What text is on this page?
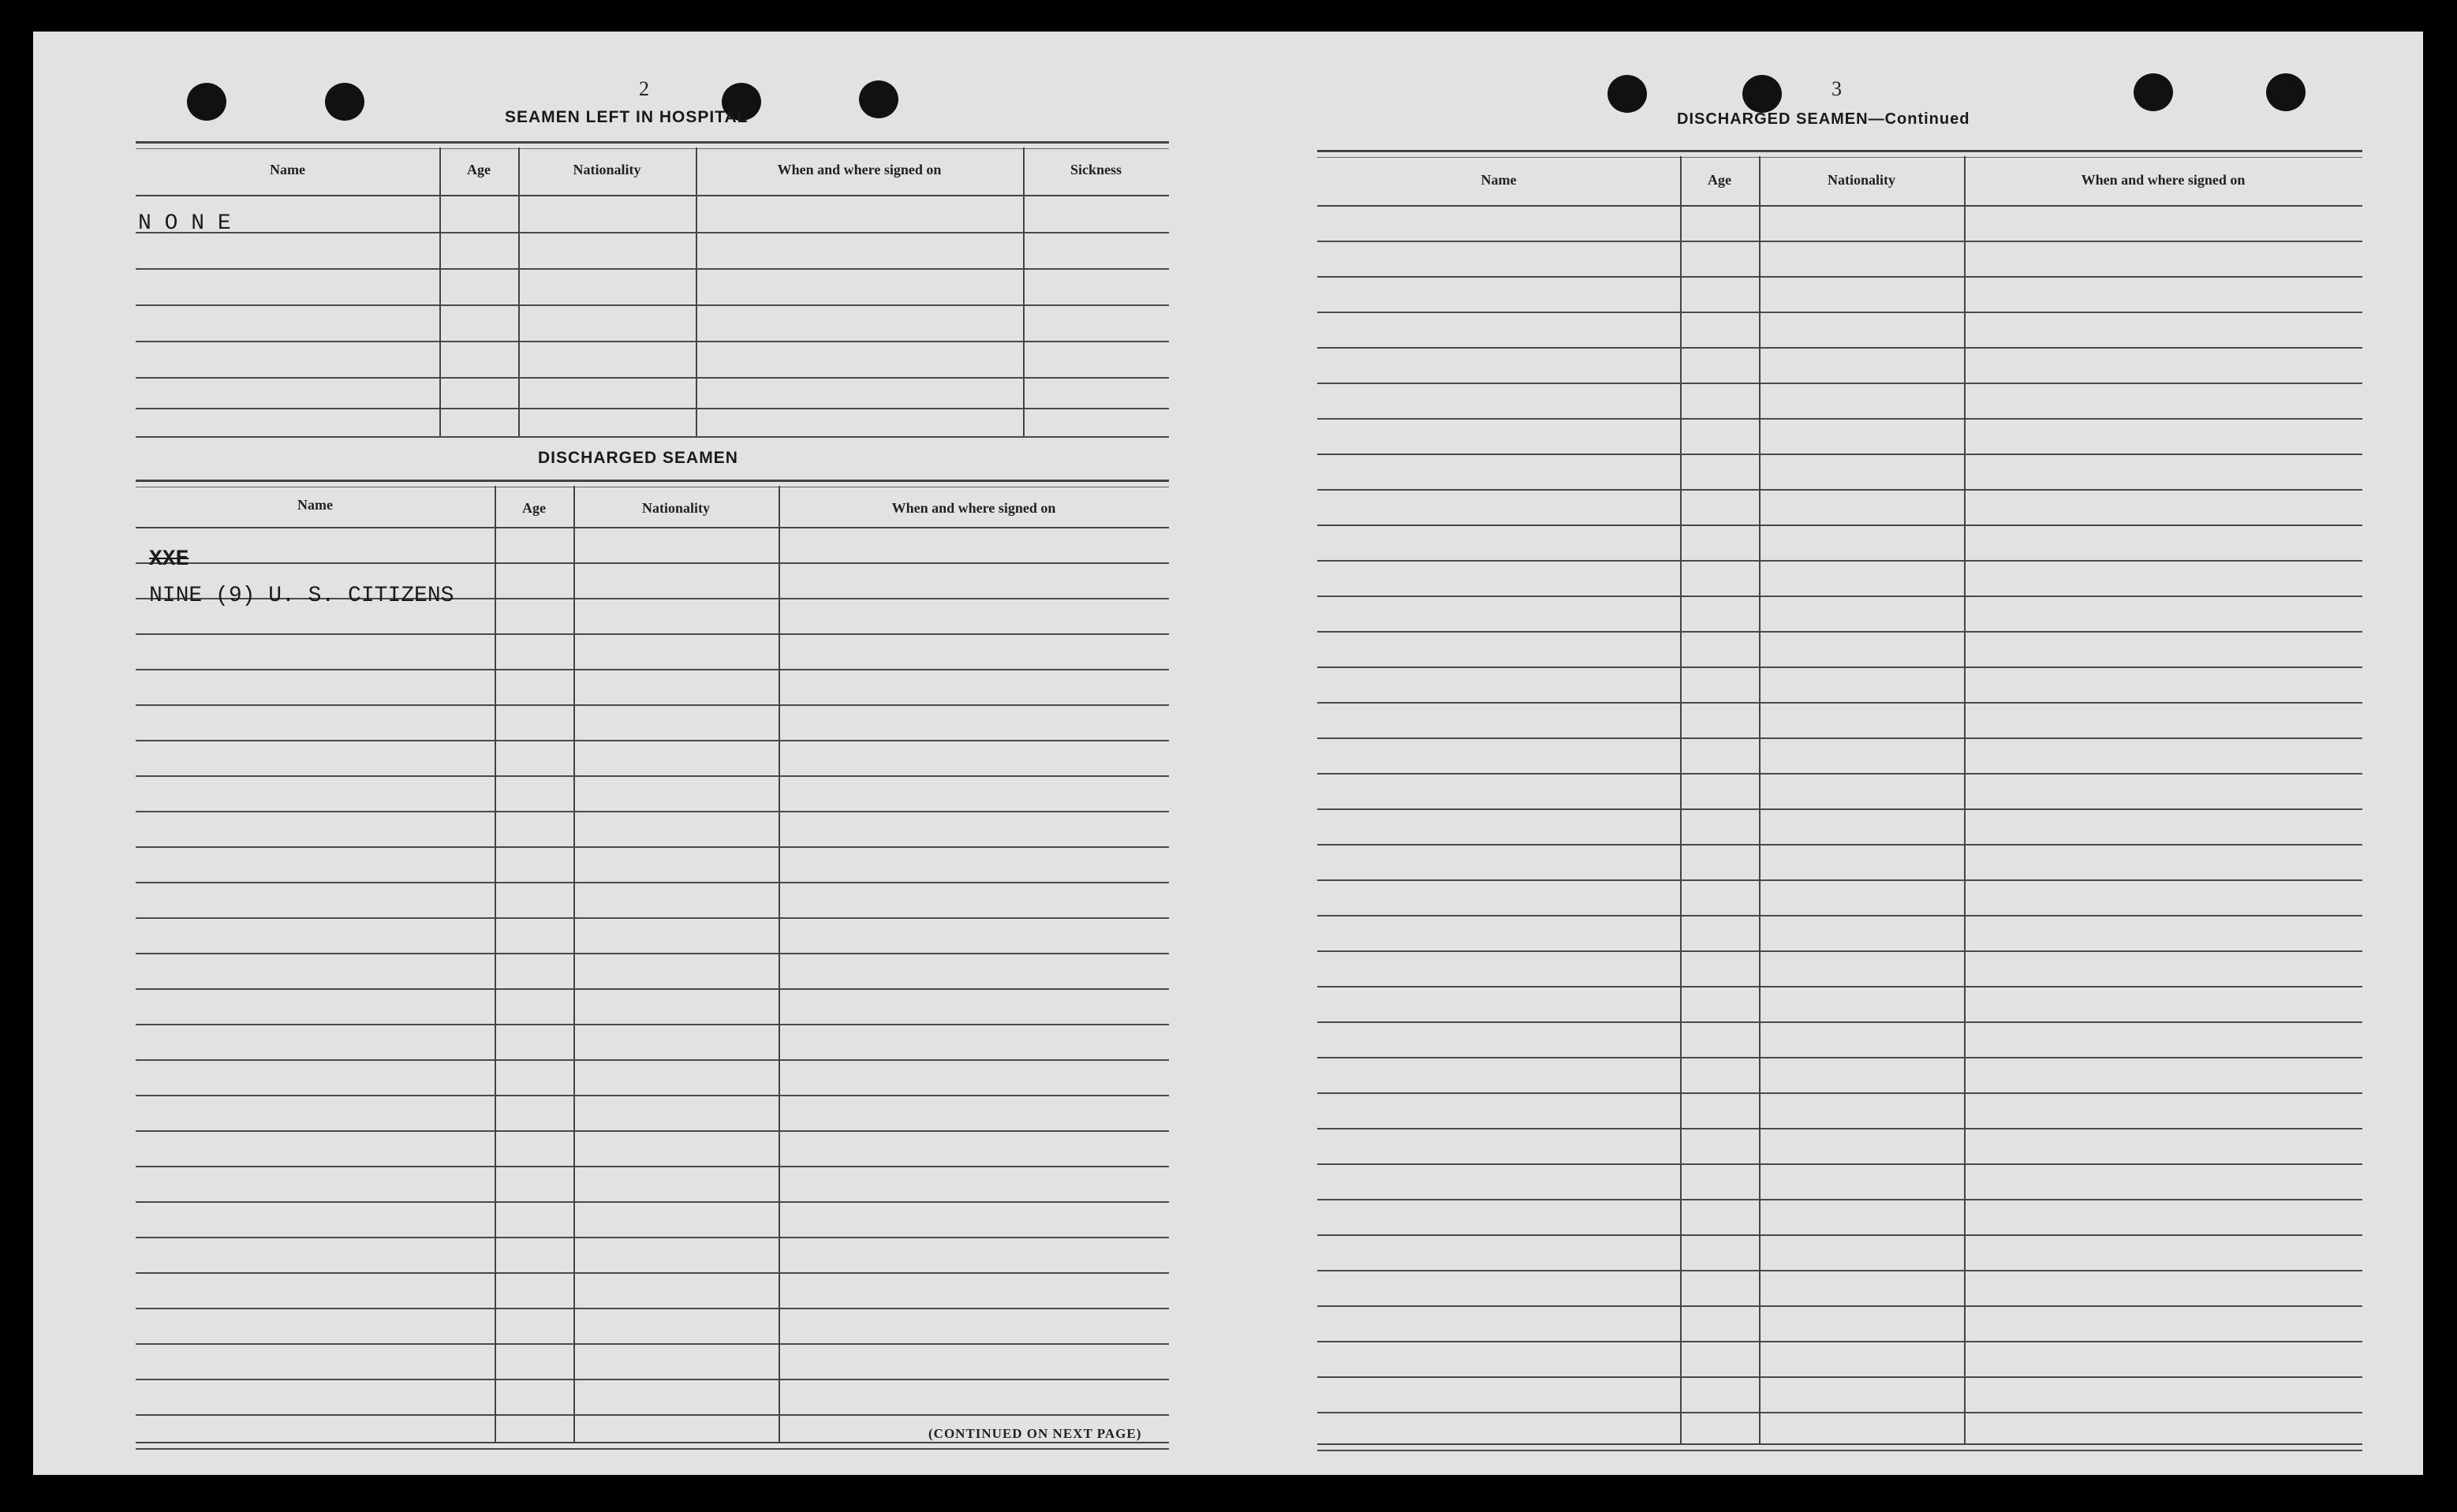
2
SEAMEN LEFT IN HOSPITAL
Name	Age	Nationality	When and where signed on	Sickness
N O N E
DISCHARGED SEAMEN
Name	Age	Nationality	When and where signed on
XXE
NINE (9) U. S. CITIZENS
(CONTINUED ON NEXT PAGE)
3
DISCHARGED SEAMEN—Continued
Name	Age	Nationality	When and where signed on
